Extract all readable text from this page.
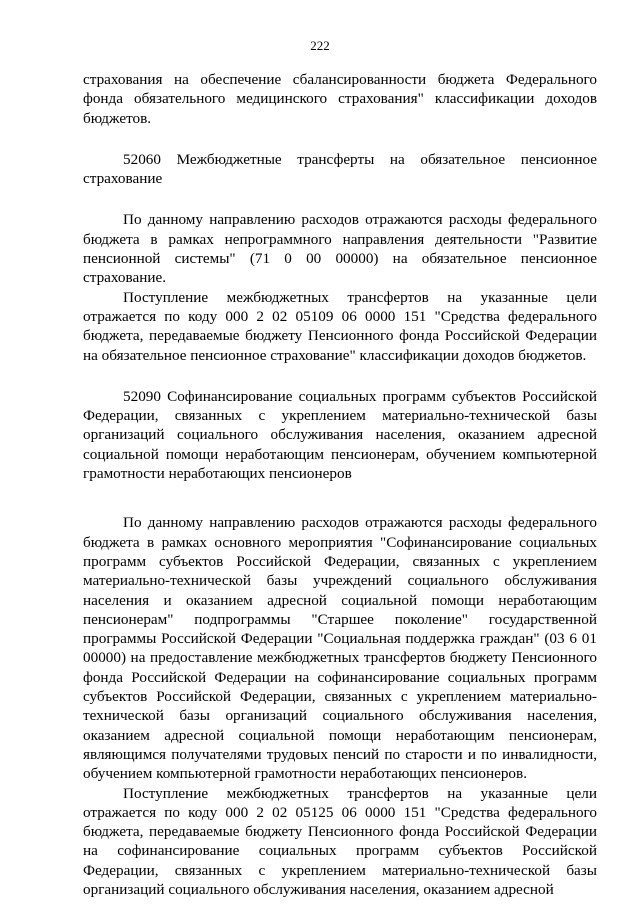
222

страхования на обеспечение сбалансированности бюджета Федерального фонда обязательного медицинского страхования" классификации доходов бюджетов.

52060 Межбюджетные трансферты на обязательное пенсионное страхование

По данному направлению расходов отражаются расходы федерального бюджета в рамках непрограммного направления деятельности "Развитие пенсионной системы" (71 0 00 00000) на обязательное пенсионное страхование.

Поступление межбюджетных трансфертов на указанные цели отражается по коду 000 2 02 05109 06 0000 151 "Средства федерального бюджета, передаваемые бюджету Пенсионного фонда Российской Федерации на обязательное пенсионное страхование" классификации доходов бюджетов.

52090 Софинансирование социальных программ субъектов Российской Федерации, связанных с укреплением материально-технической базы организаций социального обслуживания населения, оказанием адресной социальной помощи неработающим пенсионерам, обучением компьютерной грамотности неработающих пенсионеров

По данному направлению расходов отражаются расходы федерального бюджета в рамках основного мероприятия "Софинансирование социальных программ субъектов Российской Федерации, связанных с укреплением материально-технической базы учреждений социального обслуживания населения и оказанием адресной социальной помощи неработающим пенсионерам" подпрограммы "Старшее поколение" государственной программы Российской Федерации "Социальная поддержка граждан" (03 6 01 00000) на предоставление межбюджетных трансфертов бюджету Пенсионного фонда Российской Федерации на софинансирование социальных программ субъектов Российской Федерации, связанных с укреплением материально-технической базы организаций социального обслуживания населения, оказанием адресной социальной помощи неработающим пенсионерам, являющимся получателями трудовых пенсий по старости и по инвалидности, обучением компьютерной грамотности неработающих пенсионеров.

Поступление межбюджетных трансфертов на указанные цели отражается по коду 000 2 02 05125 06 0000 151 "Средства федерального бюджета, передаваемые бюджету Пенсионного фонда Российской Федерации на софинансирование социальных программ субъектов Российской Федерации, связанных с укреплением материально-технической базы организаций социального обслуживания населения, оказанием адресной
